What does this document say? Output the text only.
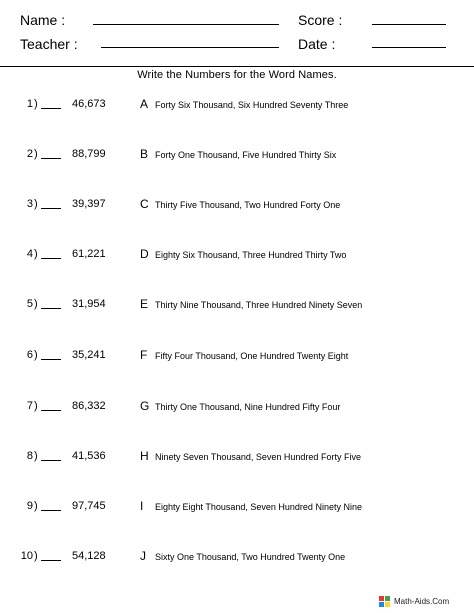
Name :
Teacher :
Score :
Date :
Write the Numbers for the Word Names.
1 )	46,673	A Forty Six Thousand, Six Hundred Seventy Three
2 )	88,799	B Forty One Thousand, Five Hundred Thirty Six
3 )	39,397	C Thirty Five Thousand, Two Hundred Forty One
4 )	61,221	D Eighty Six Thousand, Three Hundred Thirty Two
5 )	31,954	E Thirty Nine Thousand, Three Hundred Ninety Seven
6 )	35,241	F Fifty Four Thousand, One Hundred Twenty Eight
7 )	86,332	G Thirty One Thousand, Nine Hundred Fifty Four
8 )	41,536	H Ninety Seven Thousand, Seven Hundred Forty Five
9 )	97,745	I Eighty Eight Thousand, Seven Hundred Ninety Nine
10 )	54,128	J Sixty One Thousand, Two Hundred Twenty One
Math-Aids.Com
